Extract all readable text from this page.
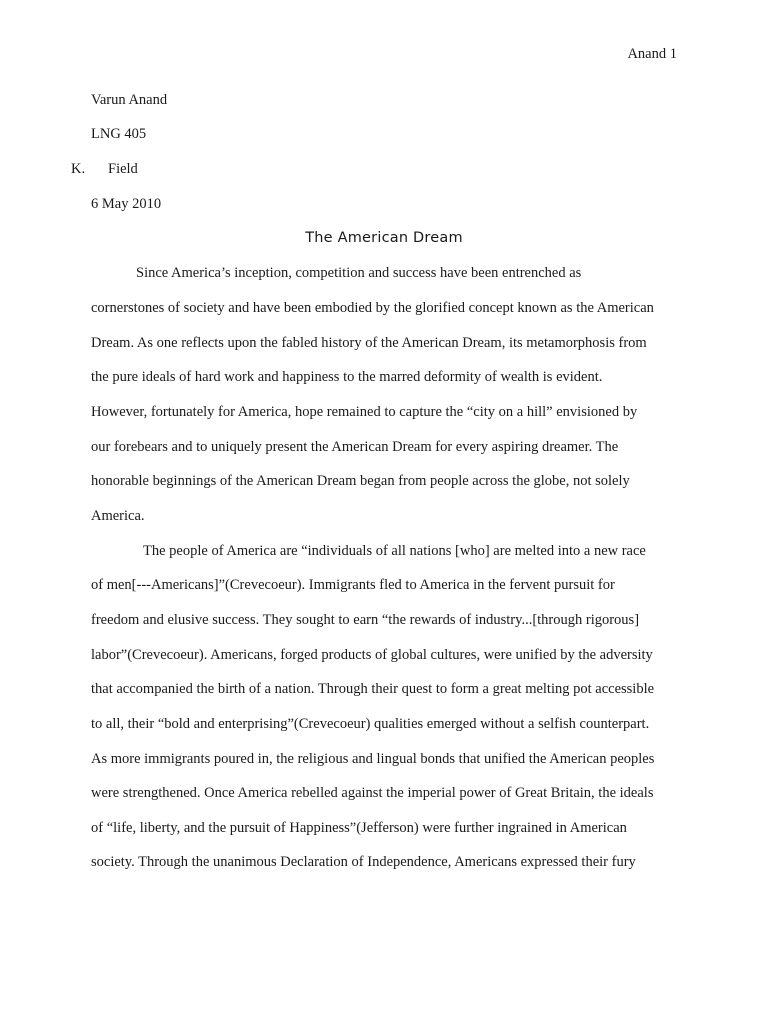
Anand 1
Varun Anand
LNG 405
K. Field
6 May 2010
The American Dream
Since America’s inception, competition and success have been entrenched as
cornerstones of society and have been embodied by the glorified concept known as the American
Dream. As one reflects upon the fabled history of the American Dream, its metamorphosis from
the pure ideals of hard work and happiness to the marred deformity of wealth is evident.
However, fortunately for America, hope remained to capture the “city on a hill” envisioned by
our forebears and to uniquely present the American Dream for every aspiring dreamer. The
honorable beginnings of the American Dream began from people across the globe, not solely
America.
The people of America are “individuals of all nations [who] are melted into a new race
of men[---Americans]”(Crevecoeur). Immigrants fled to America in the fervent pursuit for
freedom and elusive success. They sought to earn “the rewards of industry...[through rigorous]
labor”(Crevecoeur). Americans, forged products of global cultures, were unified by the adversity
that accompanied the birth of a nation. Through their quest to form a great melting pot accessible
to all, their “bold and enterprising”(Crevecoeur) qualities emerged without a selfish counterpart.
As more immigrants poured in, the religious and lingual bonds that unified the American peoples
were strengthened. Once America rebelled against the imperial power of Great Britain, the ideals
of “life, liberty, and the pursuit of Happiness”(Jefferson) were further ingrained in American
society. Through the unanimous Declaration of Independence, Americans expressed their fury
